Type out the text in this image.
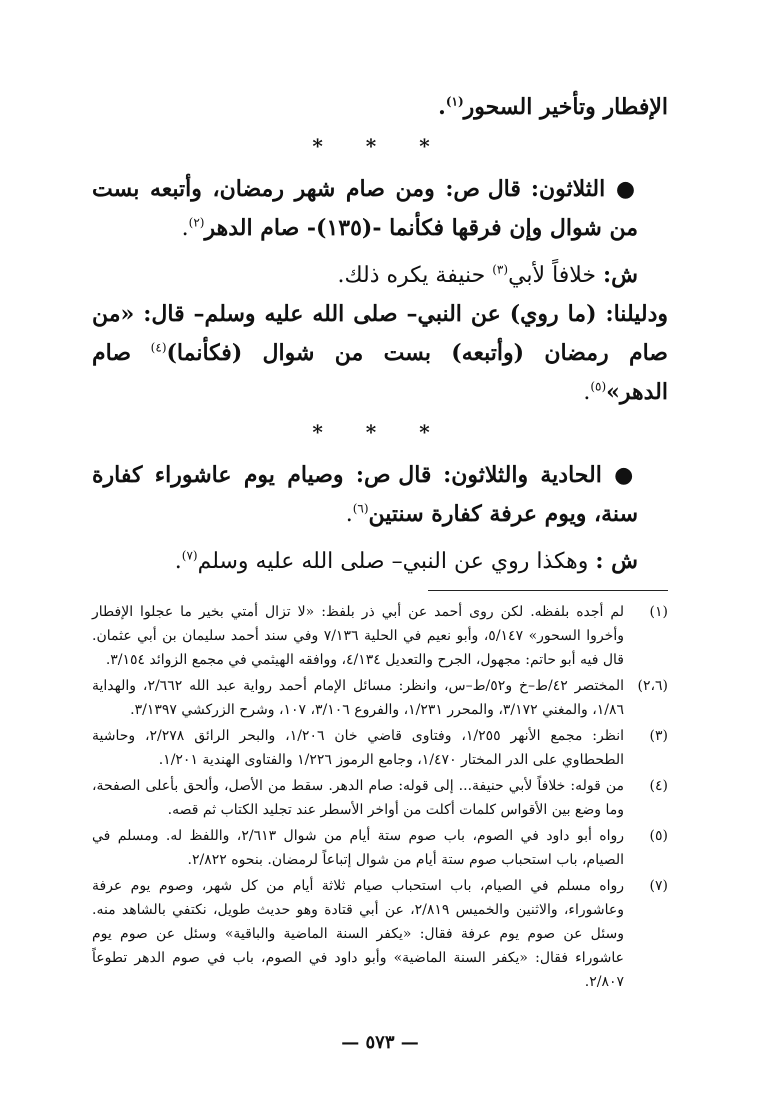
الإفطار وتأخير السحور$^{(١)}$.

* * *

● الثلاثون: قال ص: ومن صام شهر رمضان، وأتبعه بست من شوال وإن فرقها فكأنما -(١٣٥)- صام الدهر$^{(٢)}$.

ش: خلافاً لأبي$^{(٣)}$ حنيفة يكره ذلك.

ودليلنا: (ما روي) عن النبي– صلى الله عليه وسلم– قال: «من صام رمضان (وأتبعه) بست من شوال (فكأنما)$^{(٤)}$ صام الدهر»$^{(٥)}$.

* * *

● الحادية والثلاثون: قال ص: وصيام يوم عاشوراء كفارة سنة، ويوم عرفة كفارة سنتين$^{(٦)}$.

ش : وهكذا روي عن النبي– صلى الله عليه وسلم$^{(٧)}$.

(١)
لم أجده بلفظه. لكن روى أحمد عن أبي ذر بلفظ: «لا تزال أمتي بخير ما عجلوا الإفطار وأخروا السحور» ٥/١٤٧، وأبو نعيم في الحلية ٧/١٣٦ وفي سند أحمد سليمان بن أبي عثمان. قال فيه أبو حاتم: مجهول، الجرح والتعديل ٤/١٣٤، ووافقه الهيثمي في مجمع الزوائد ٣/١٥٤.
(٢،٦)
المختصر ٤٢/ط–خ و٥٢/ط–س، وانظر: مسائل الإمام أحمد رواية عبد الله ٢/٦٦٢، والهداية ١/٨٦، والمغني ٣/١٧٢، والمحرر ١/٢٣١، والفروع ٣/١٠٦، ١٠٧، وشرح الزركشي ٣/١٣٩٧.
(٣)
انظر: مجمع الأنهر ١/٢٥٥، وفتاوى قاضي خان ١/٢٠٦، والبحر الرائق ٢/٢٧٨، وحاشية الطحطاوي على الدر المختار ١/٤٧٠، وجامع الرموز ١/٢٢٦ والفتاوى الهندية ١/٢٠١.
(٤)
من قوله: خلافاً لأبي حنيفة... إلى قوله: صام الدهر. سقط من الأصل، وألحق بأعلى الصفحة، وما وضع بين الأقواس كلمات أكلت من أواخر الأسطر عند تجليد الكتاب ثم قصه.
(٥)
رواه أبو داود في الصوم، باب صوم ستة أيام من شوال ٢/٦١٣، واللفظ له. ومسلم في الصيام، باب استحباب صوم ستة أيام من شوال إتباعاً لرمضان. بنحوه ٢/٨٢٢.
(٧)
رواه مسلم في الصيام، باب استحباب صيام ثلاثة أيام من كل شهر، وصوم يوم عرفة وعاشوراء، والاثنين والخميس ٢/٨١٩، عن أبي قتادة وهو حديث طويل، نكتفي بالشاهد منه. وسئل عن صوم يوم عرفة فقال: «يكفر السنة الماضية والباقية» وسئل عن صوم يوم عاشوراء فقال: «يكفر السنة الماضية» وأبو داود في الصوم، باب في صوم الدهر تطوعاً ٢/٨٠٧.
— ٥٧٣ —
